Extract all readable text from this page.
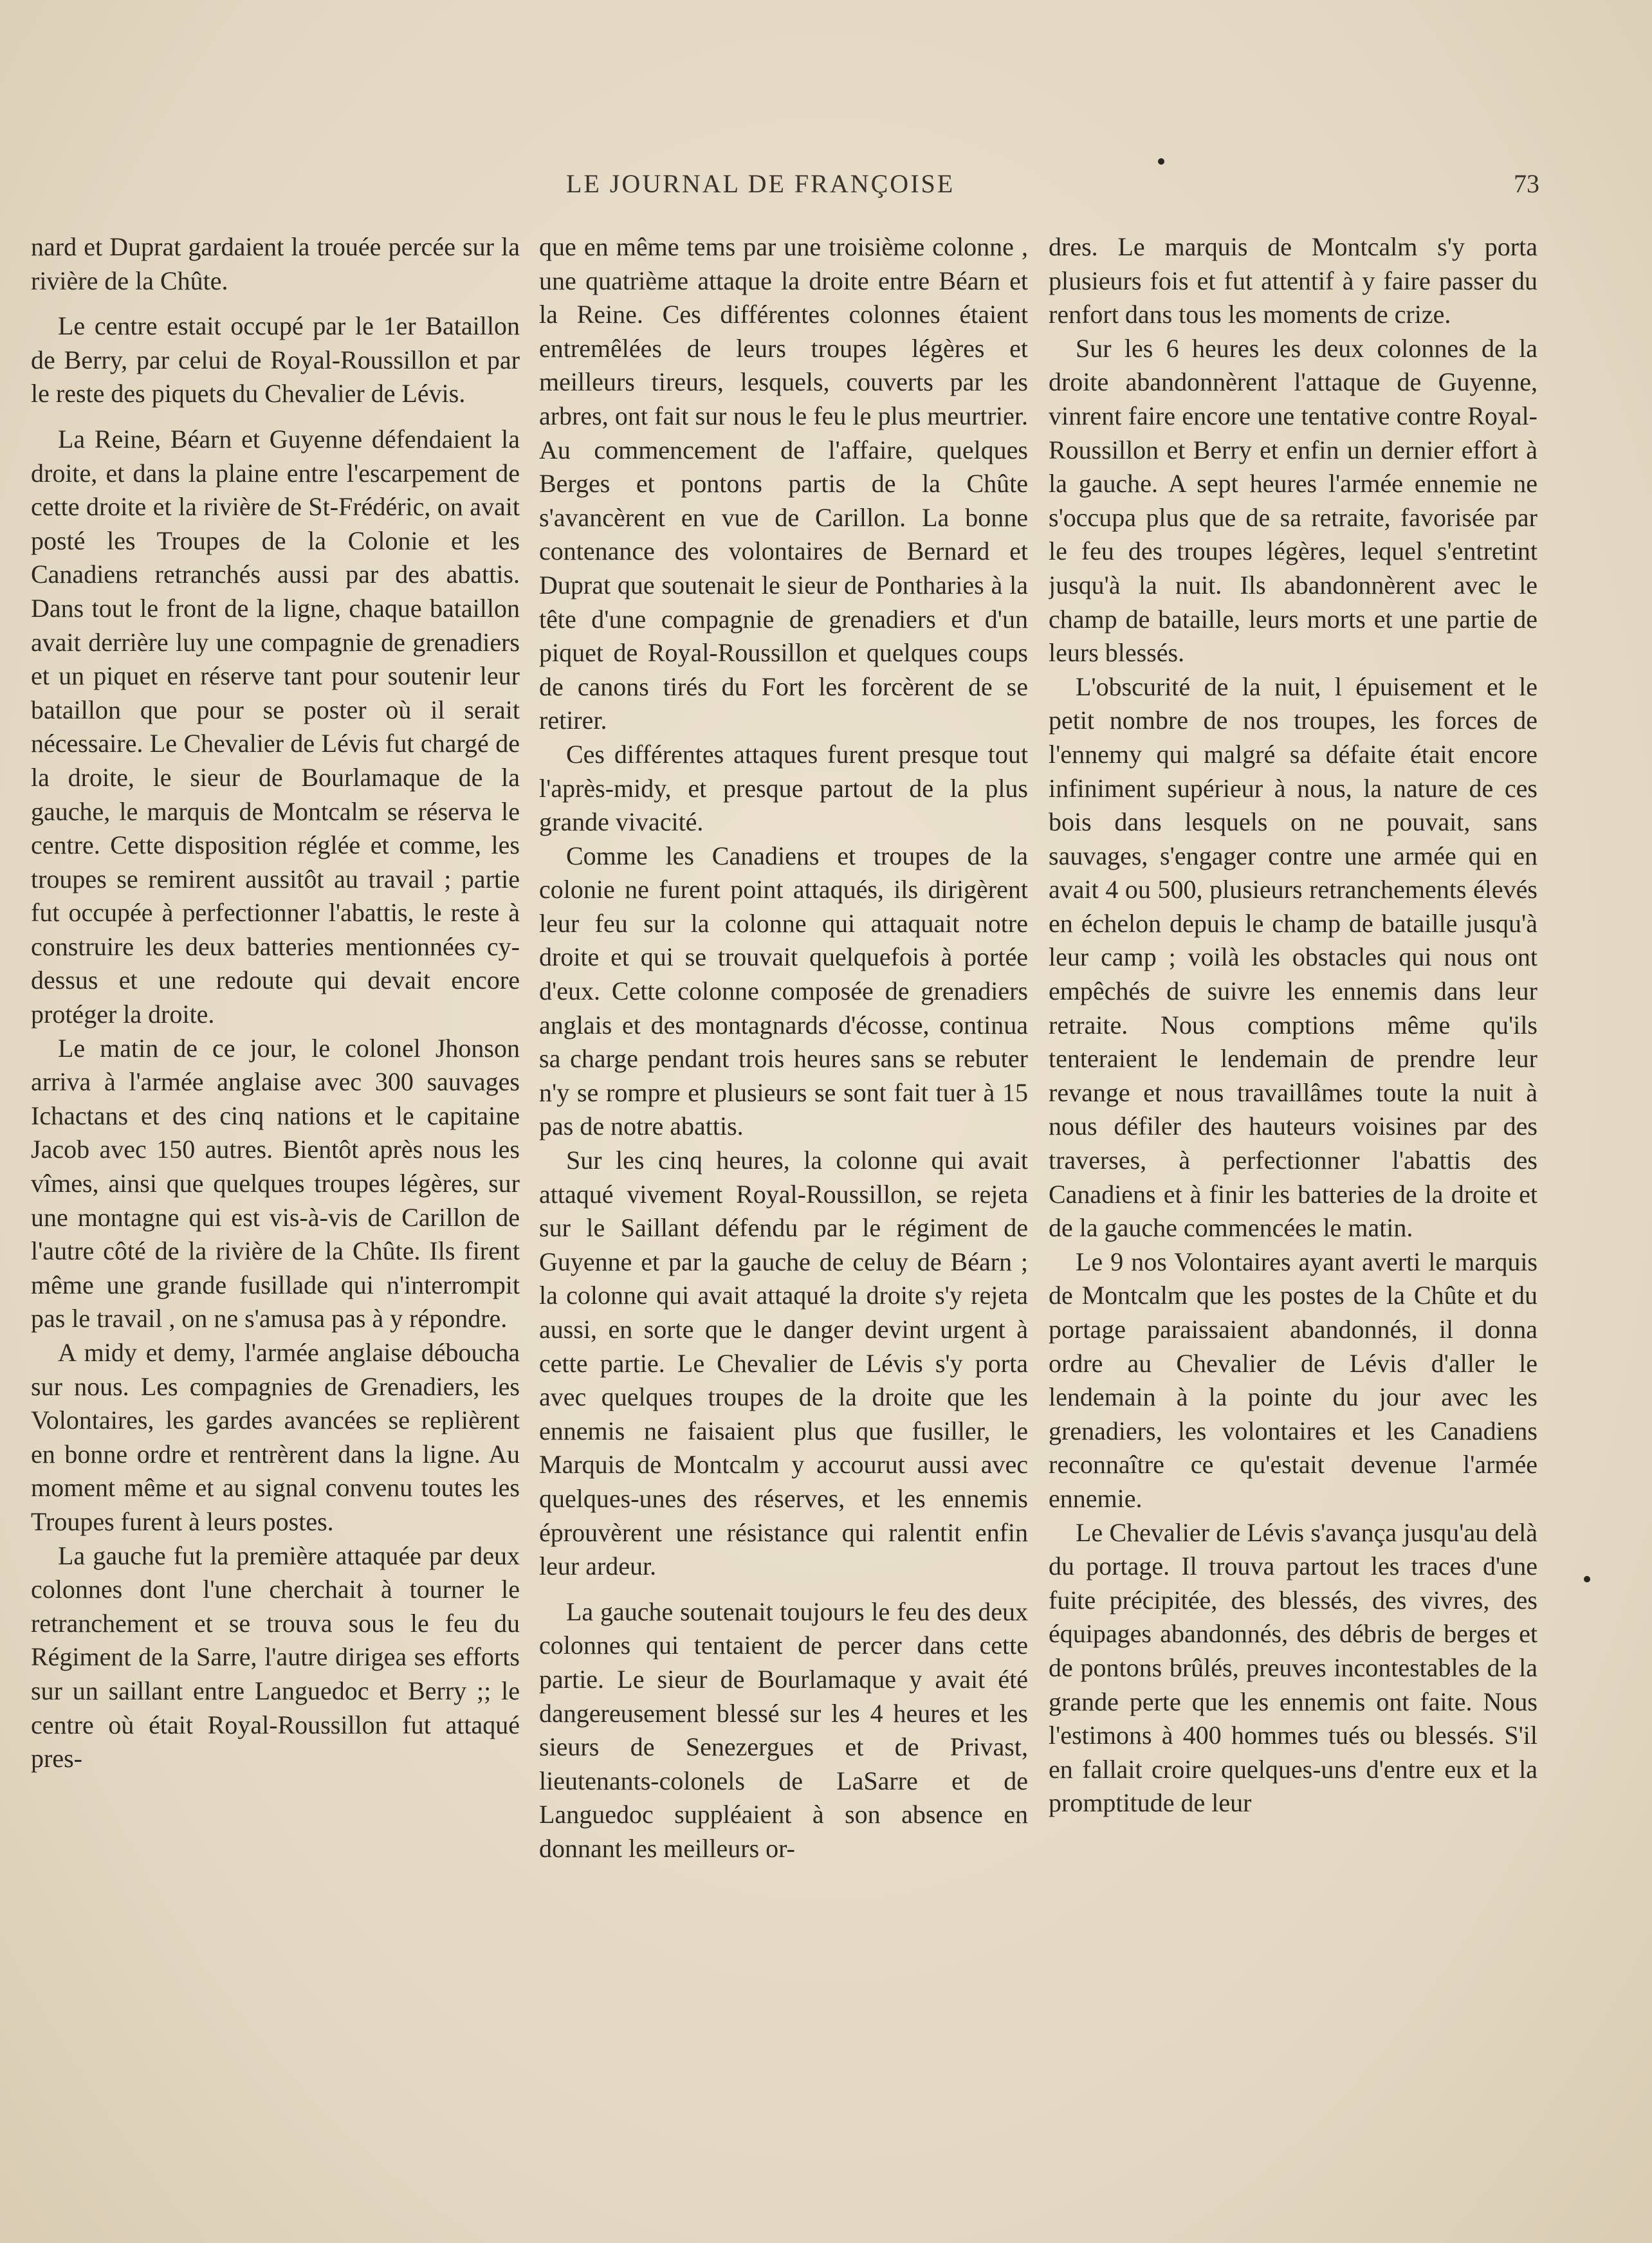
LE JOURNAL DE FRANÇOISE	73

nard et Duprat gardaient la trouée percée sur la rivière de la Chûte.

Le centre estait occupé par le 1er Bataillon de Berry, par celui de Royal-Roussillon et par le reste des piquets du Chevalier de Lévis.

La Reine, Béarn et Guyenne défendaient la droite, et dans la plaine entre l'escarpement de cette droite et la rivière de St-Frédéric, on avait posté les Troupes de la Colonie et les Canadiens retranchés aussi par des abattis. Dans tout le front de la ligne, chaque bataillon avait derrière luy une compagnie de grenadiers et un piquet en réserve tant pour soutenir leur bataillon que pour se poster où il serait nécessaire. Le Chevalier de Lévis fut chargé de la droite, le sieur de Bourlamaque de la gauche, le marquis de Montcalm se réserva le centre. Cette disposition réglée et comme, les troupes se remirent aussitôt au travail ; partie fut occupée à perfectionner l'abattis, le reste à construire les deux batteries mentionnées cy-dessus et une redoute qui devait encore protéger la droite.

Le matin de ce jour, le colonel Jhonson arriva à l'armée anglaise avec 300 sauvages Ichactans et des cinq nations et le capitaine Jacob avec 150 autres. Bientôt après nous les vîmes, ainsi que quelques troupes légères, sur une montagne qui est vis-à-vis de Carillon de l'autre côté de la rivière de la Chûte. Ils firent même une grande fusillade qui n'interrompit pas le travail , on ne s'amusa pas à y répondre.

A midy et demy, l'armée anglaise déboucha sur nous. Les compagnies de Grenadiers, les Volontaires, les gardes avancées se replièrent en bonne ordre et rentrèrent dans la ligne. Au moment même et au signal convenu toutes les Troupes furent à leurs postes.

La gauche fut la première attaquée par deux colonnes dont l'une cherchait à tourner le retranchement et se trouva sous le feu du Régiment de la Sarre, l'autre dirigea ses efforts sur un saillant entre Languedoc et Berry ;; le centre où était Royal-Roussillon fut attaqué pres-

que en même tems par une troisième colonne , une quatrième attaque la droite entre Béarn et la Reine. Ces différentes colonnes étaient entremêlées de leurs troupes légères et meilleurs tireurs, lesquels, couverts par les arbres, ont fait sur nous le feu le plus meurtrier. Au commencement de l'affaire, quelques Berges et pontons partis de la Chûte s'avancèrent en vue de Carillon. La bonne contenance des volontaires de Bernard et Duprat que soutenait le sieur de Pontharies à la tête d'une compagnie de grenadiers et d'un piquet de Royal-Roussillon et quelques coups de canons tirés du Fort les forcèrent de se retirer.

Ces différentes attaques furent presque tout l'après-midy, et presque partout de la plus grande vivacité.

Comme les Canadiens et troupes de la colonie ne furent point attaqués, ils dirigèrent leur feu sur la colonne qui attaquait notre droite et qui se trouvait quelquefois à portée d'eux. Cette colonne composée de grenadiers anglais et des montagnards d'écosse, continua sa charge pendant trois heures sans se rebuter n'y se rompre et plusieurs se sont fait tuer à 15 pas de notre abattis.

Sur les cinq heures, la colonne qui avait attaqué vivement Royal-Roussillon, se rejeta sur le Saillant défendu par le régiment de Guyenne et par la gauche de celuy de Béarn ; la colonne qui avait attaqué la droite s'y rejeta aussi, en sorte que le danger devint urgent à cette partie. Le Chevalier de Lévis s'y porta avec quelques troupes de la droite que les ennemis ne faisaient plus que fusiller, le Marquis de Montcalm y accourut aussi avec quelques-unes des réserves, et les ennemis éprouvèrent une résistance qui ralentit enfin leur ardeur.

La gauche soutenait toujours le feu des deux colonnes qui tentaient de percer dans cette partie. Le sieur de Bourlamaque y avait été dangereusement blessé sur les 4 heures et les sieurs de Senezergues et de Privast, lieutenants-colonels de LaSarre et de Languedoc suppléaient à son absence en donnant les meilleurs or-

dres. Le marquis de Montcalm s'y porta plusieurs fois et fut attentif à y faire passer du renfort dans tous les moments de crize.

Sur les 6 heures les deux colonnes de la droite abandonnèrent l'attaque de Guyenne, vinrent faire encore une tentative contre Royal-Roussillon et Berry et enfin un dernier effort à la gauche. A sept heures l'armée ennemie ne s'occupa plus que de sa retraite, favorisée par le feu des troupes légères, lequel s'entretint jusqu'à la nuit. Ils abandonnèrent avec le champ de bataille, leurs morts et une partie de leurs blessés.

L'obscurité de la nuit, l épuisement et le petit nombre de nos troupes, les forces de l'ennemy qui malgré sa défaite était encore infiniment supérieur à nous, la nature de ces bois dans lesquels on ne pouvait, sans sauvages, s'engager contre une armée qui en avait 4 ou 500, plusieurs retranchements élevés en échelon depuis le champ de bataille jusqu'à leur camp ; voilà les obstacles qui nous ont empêchés de suivre les ennemis dans leur retraite. Nous comptions même qu'ils tenteraient le lendemain de prendre leur revange et nous travaillâmes toute la nuit à nous défiler des hauteurs voisines par des traverses, à perfectionner l'abattis des Canadiens et à finir les batteries de la droite et de la gauche commencées le matin.

Le 9 nos Volontaires ayant averti le marquis de Montcalm que les postes de la Chûte et du portage paraissaient abandonnés, il donna ordre au Chevalier de Lévis d'aller le lendemain à la pointe du jour avec les grenadiers, les volontaires et les Canadiens reconnaître ce qu'estait devenue l'armée ennemie.

Le Chevalier de Lévis s'avança jusqu'au delà du portage. Il trouva partout les traces d'une fuite précipitée, des blessés, des vivres, des équipages abandonnés, des débris de berges et de pontons brûlés, preuves incontestables de la grande perte que les ennemis ont faite. Nous l'estimons à 400 hommes tués ou blessés. S'il en fallait croire quelques-uns d'entre eux et la promptitude de leur
